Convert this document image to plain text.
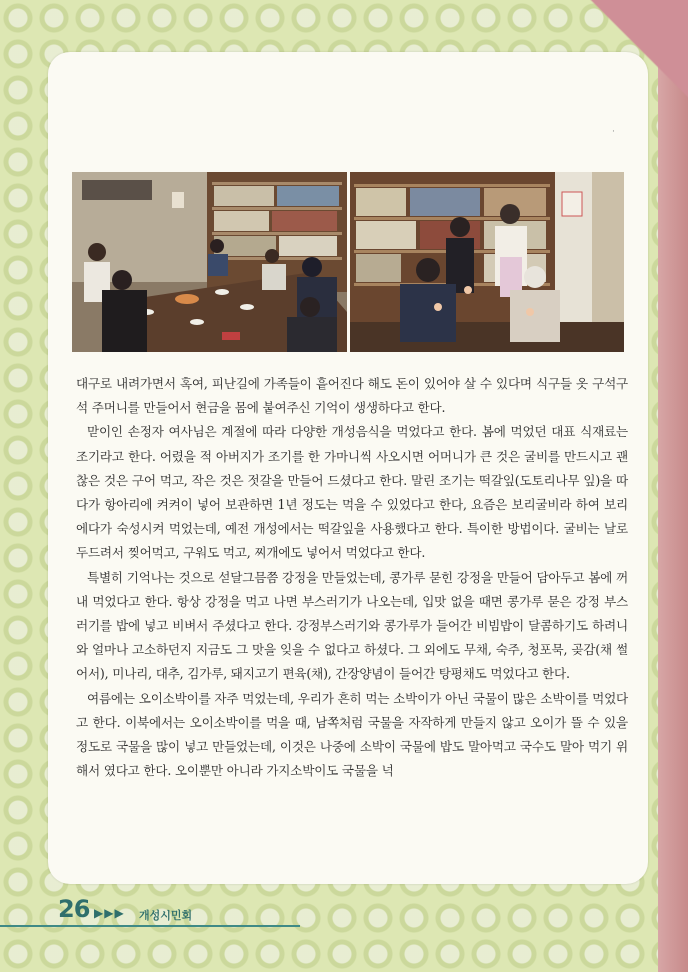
·

대구로 내려가면서 혹여, 피난길에 가족들이 흩어진다 해도 돈이 있어야 살 수 있다며 식구들 옷 구석구석 주머니를 만들어서 현금을 몸에 붙여주신 기억이 생생하다고 한다.

맏이인 손정자 여사님은 계절에 따라 다양한 개성음식을 먹었다고 한다. 봄에 먹었던 대표 식재료는 조기라고 한다. 어렸을 적 아버지가 조기를 한 가마니씩 사오시면 어머니가 큰 것은 굴비를 만드시고 괜찮은 것은 구어 먹고, 작은 것은 젓갈을 만들어 드셨다고 한다. 말린 조기는 떡갈잎(도토리나무 잎)을 따다가 항아리에 켜켜이 넣어 보관하면 1년 정도는 먹을 수 있었다고 한다, 요즘은 보리굴비라 하여 보리에다가 숙성시켜 먹었는데, 예전 개성에서는 떡갈잎을 사용했다고 한다. 특이한 방법이다. 굴비는 날로 두드려서 찢어먹고, 구워도 먹고, 찌개에도 넣어서 먹었다고 한다.

특별히 기억나는 것으로 섣달그믐쯤 강정을 만들었는데, 콩가루 묻힌 강정을 만들어 담아두고 봄에 꺼내 먹었다고 한다. 항상 강정을 먹고 나면 부스러기가 나오는데, 입맛 없을 때면 콩가루 묻은 강정 부스러기를 밥에 넣고 비벼서 주셨다고 한다. 강정부스러기와 콩가루가 들어간 비빔밥이 달콤하기도 하려니와 얼마나 고소하던지 지금도 그 맛을 잊을 수 없다고 하셨다. 그 외에도 무채, 숙주, 청포묵, 곶감(채 썰어서), 미나리, 대추, 김가루, 돼지고기 편육(채), 간장양념이 들어간 탕평채도 먹었다고 한다.

여름에는 오이소박이를 자주 먹었는데, 우리가 흔히 먹는 소박이가 아닌 국물이 많은 소박이를 먹었다고 한다. 이북에서는 오이소박이를 먹을 때, 남쪽처럼 국물을 자작하게 만들지 않고 오이가 뜰 수 있을 정도로 국물을 많이 넣고 만들었는데, 이것은 나중에 소박이 국물에 밥도 말아먹고 국수도 말아 먹기 위해서 였다고 한다. 오이뿐만 아니라 가지소박이도 국물을 넉

26 ▶▶▶ 개성시민회
